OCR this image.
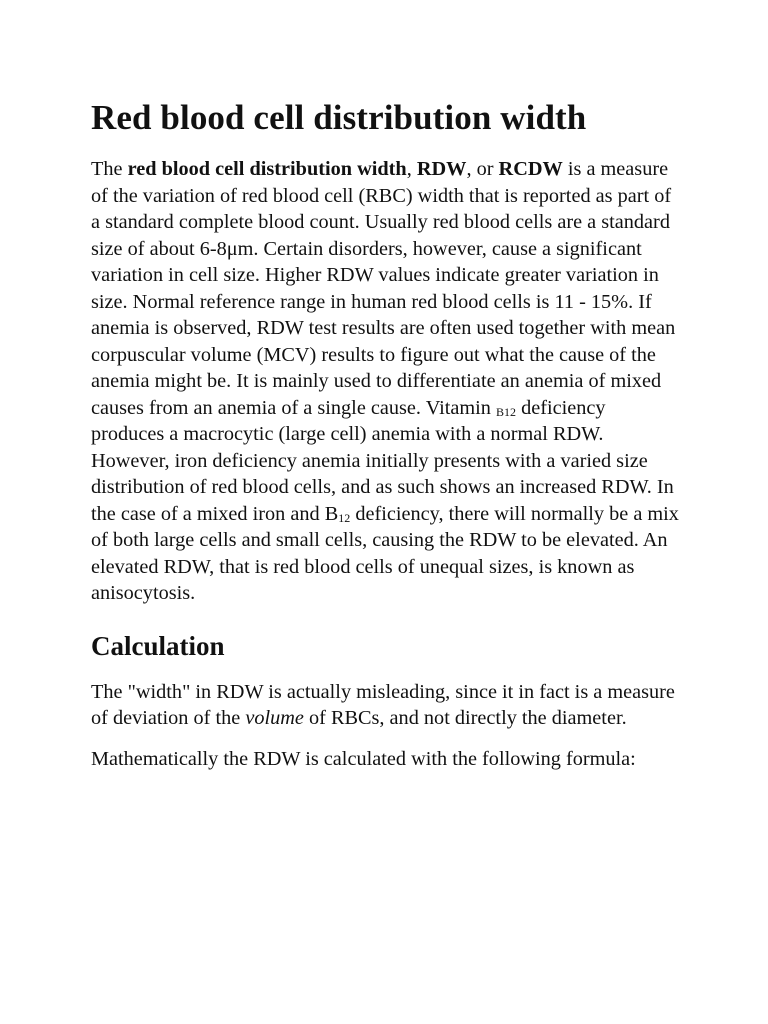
Red blood cell distribution width

The red blood cell distribution width, RDW, or RCDW is a measure of the variation of red blood cell (RBC) width that is reported as part of a standard complete blood count. Usually red blood cells are a standard size of about 6-8μm. Certain disorders, however, cause a significant variation in cell size. Higher RDW values indicate greater variation in size. Normal reference range in human red blood cells is 11 - 15%. If anemia is observed, RDW test results are often used together with mean corpuscular volume (MCV) results to figure out what the cause of the anemia might be. It is mainly used to differentiate an anemia of mixed causes from an anemia of a single cause. Vitamin $_{B12}$ deficiency produces a macrocytic (large cell) anemia with a normal RDW. However, iron deficiency anemia initially presents with a varied size distribution of red blood cells, and as such shows an increased RDW. In the case of a mixed iron and $B_{12}$ deficiency, there will normally be a mix of both large cells and small cells, causing the RDW to be elevated. An elevated RDW, that is red blood cells of unequal sizes, is known as anisocytosis.

Calculation

The "width" in RDW is actually misleading, since it in fact is a measure of deviation of the volume of RBCs, and not directly the diameter.

Mathematically the RDW is calculated with the following formula:
